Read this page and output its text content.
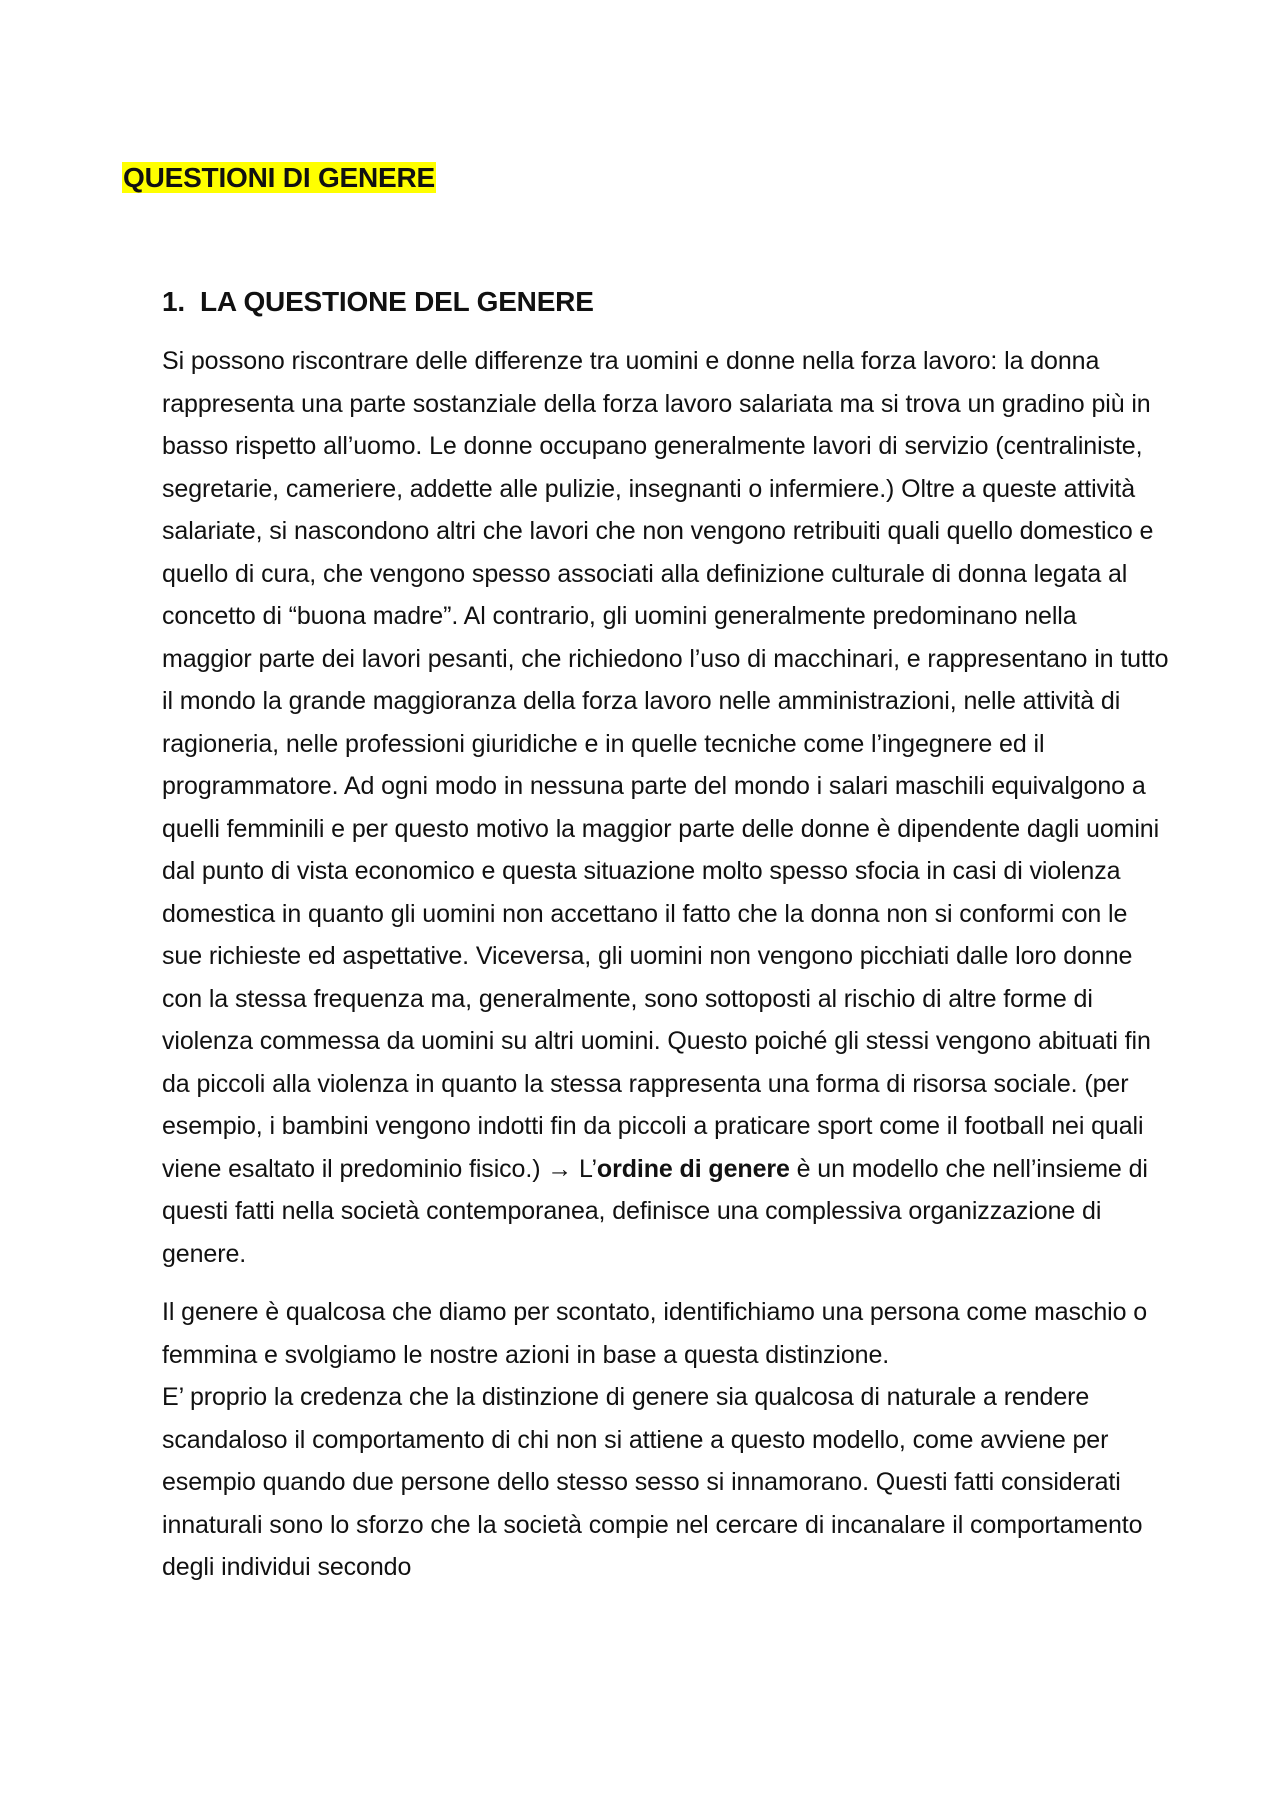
QUESTIONI DI GENERE
1. LA QUESTIONE DEL GENERE

Si possono riscontrare delle differenze tra uomini e donne nella forza lavoro: la donna rappresenta una parte sostanziale della forza lavoro salariata ma si trova un gradino più in basso rispetto all’uomo. Le donne occupano generalmente lavori di servizio (centraliniste, segretarie, cameriere, addette alle pulizie, insegnanti o infermiere.) Oltre a queste attività salariate, si nascondono altri che lavori che non vengono retribuiti quali quello domestico e quello di cura, che vengono spesso associati alla definizione culturale di donna legata al concetto di “buona madre”. Al contrario, gli uomini generalmente predominano nella maggior parte dei lavori pesanti, che richiedono l’uso di macchinari, e rappresentano in tutto il mondo la grande maggioranza della forza lavoro nelle amministrazioni, nelle attività di ragioneria, nelle professioni giuridiche e in quelle tecniche come l’ingegnere ed il programmatore. Ad ogni modo in nessuna parte del mondo i salari maschili equivalgono a quelli femminili e per questo motivo la maggior parte delle donne è dipendente dagli uomini dal punto di vista economico e questa situazione molto spesso sfocia in casi di violenza domestica in quanto gli uomini non accettano il fatto che la donna non si conformi con le sue richieste ed aspettative. Viceversa, gli uomini non vengono picchiati dalle loro donne con la stessa frequenza ma, generalmente, sono sottoposti al rischio di altre forme di violenza commessa da uomini su altri uomini. Questo poiché gli stessi vengono abituati fin da piccoli alla violenza in quanto la stessa rappresenta una forma di risorsa sociale. (per esempio, i bambini vengono indotti fin da piccoli a praticare sport come il football nei quali viene esaltato il predominio fisico.) → L’ordine di genere è un modello che nell’insieme di questi fatti nella società contemporanea, definisce una complessiva organizzazione di genere.

Il genere è qualcosa che diamo per scontato, identifichiamo una persona come maschio o femmina e svolgiamo le nostre azioni in base a questa distinzione.
E’ proprio la credenza che la distinzione di genere sia qualcosa di naturale a rendere scandaloso il comportamento di chi non si attiene a questo modello, come avviene per esempio quando due persone dello stesso sesso si innamorano. Questi fatti considerati innaturali sono lo sforzo che la società compie nel cercare di incanalare il comportamento degli individui secondo
